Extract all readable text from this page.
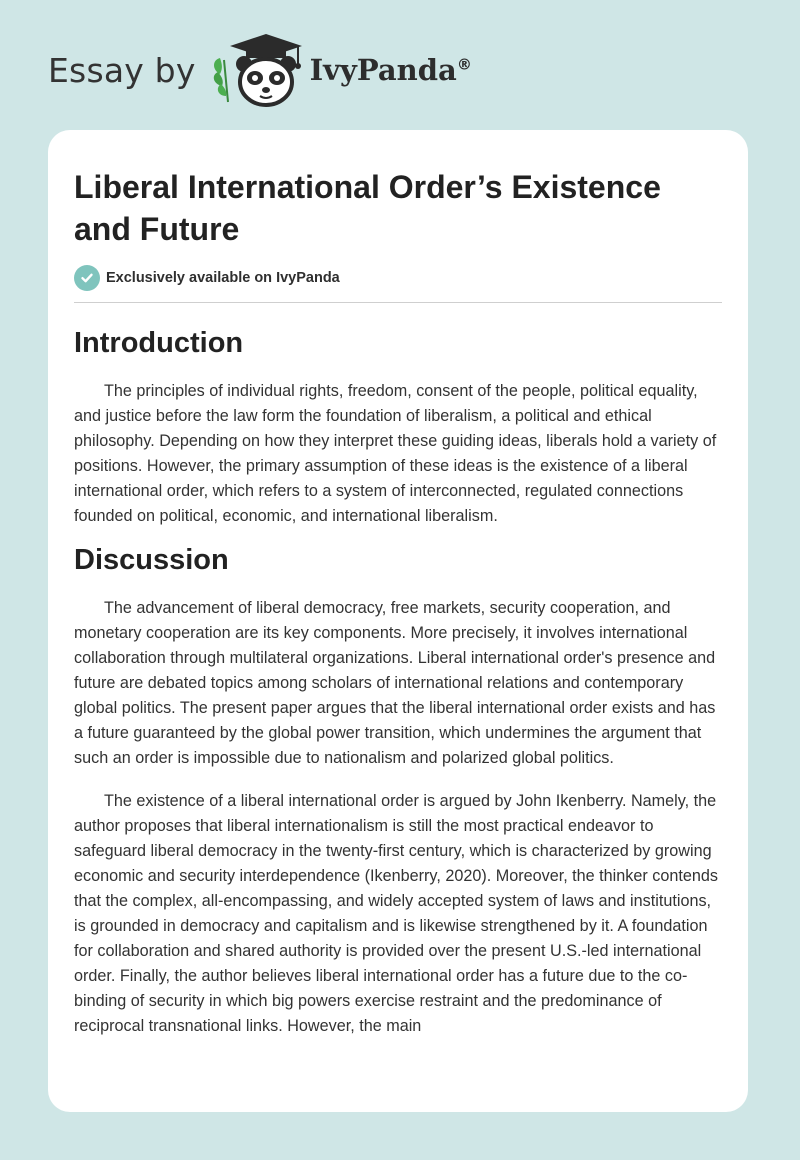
Essay by	IvyPanda®
Liberal International Order’s Existence and Future
Exclusively available on IvyPanda
Introduction

The principles of individual rights, freedom, consent of the people, political equality, and justice before the law form the foundation of liberalism, a political and ethical philosophy. Depending on how they interpret these guiding ideas, liberals hold a variety of positions. However, the primary assumption of these ideas is the existence of a liberal international order, which refers to a system of interconnected, regulated connections founded on political, economic, and international liberalism.

Discussion

The advancement of liberal democracy, free markets, security cooperation, and monetary cooperation are its key components. More precisely, it involves international collaboration through multilateral organizations. Liberal international order's presence and future are debated topics among scholars of international relations and contemporary global politics. The present paper argues that the liberal international order exists and has a future guaranteed by the global power transition, which undermines the argument that such an order is impossible due to nationalism and polarized global politics.

The existence of a liberal international order is argued by John Ikenberry. Namely, the author proposes that liberal internationalism is still the most practical endeavor to safeguard liberal democracy in the twenty-first century, which is characterized by growing economic and security interdependence (Ikenberry, 2020). Moreover, the thinker contends that the complex, all-encompassing, and widely accepted system of laws and institutions, is grounded in democracy and capitalism and is likewise strengthened by it. A foundation for collaboration and shared authority is provided over the present U.S.-led international order. Finally, the author believes liberal international order has a future due to the co-binding of security in which big powers exercise restraint and the predominance of reciprocal transnational links. However, the main
